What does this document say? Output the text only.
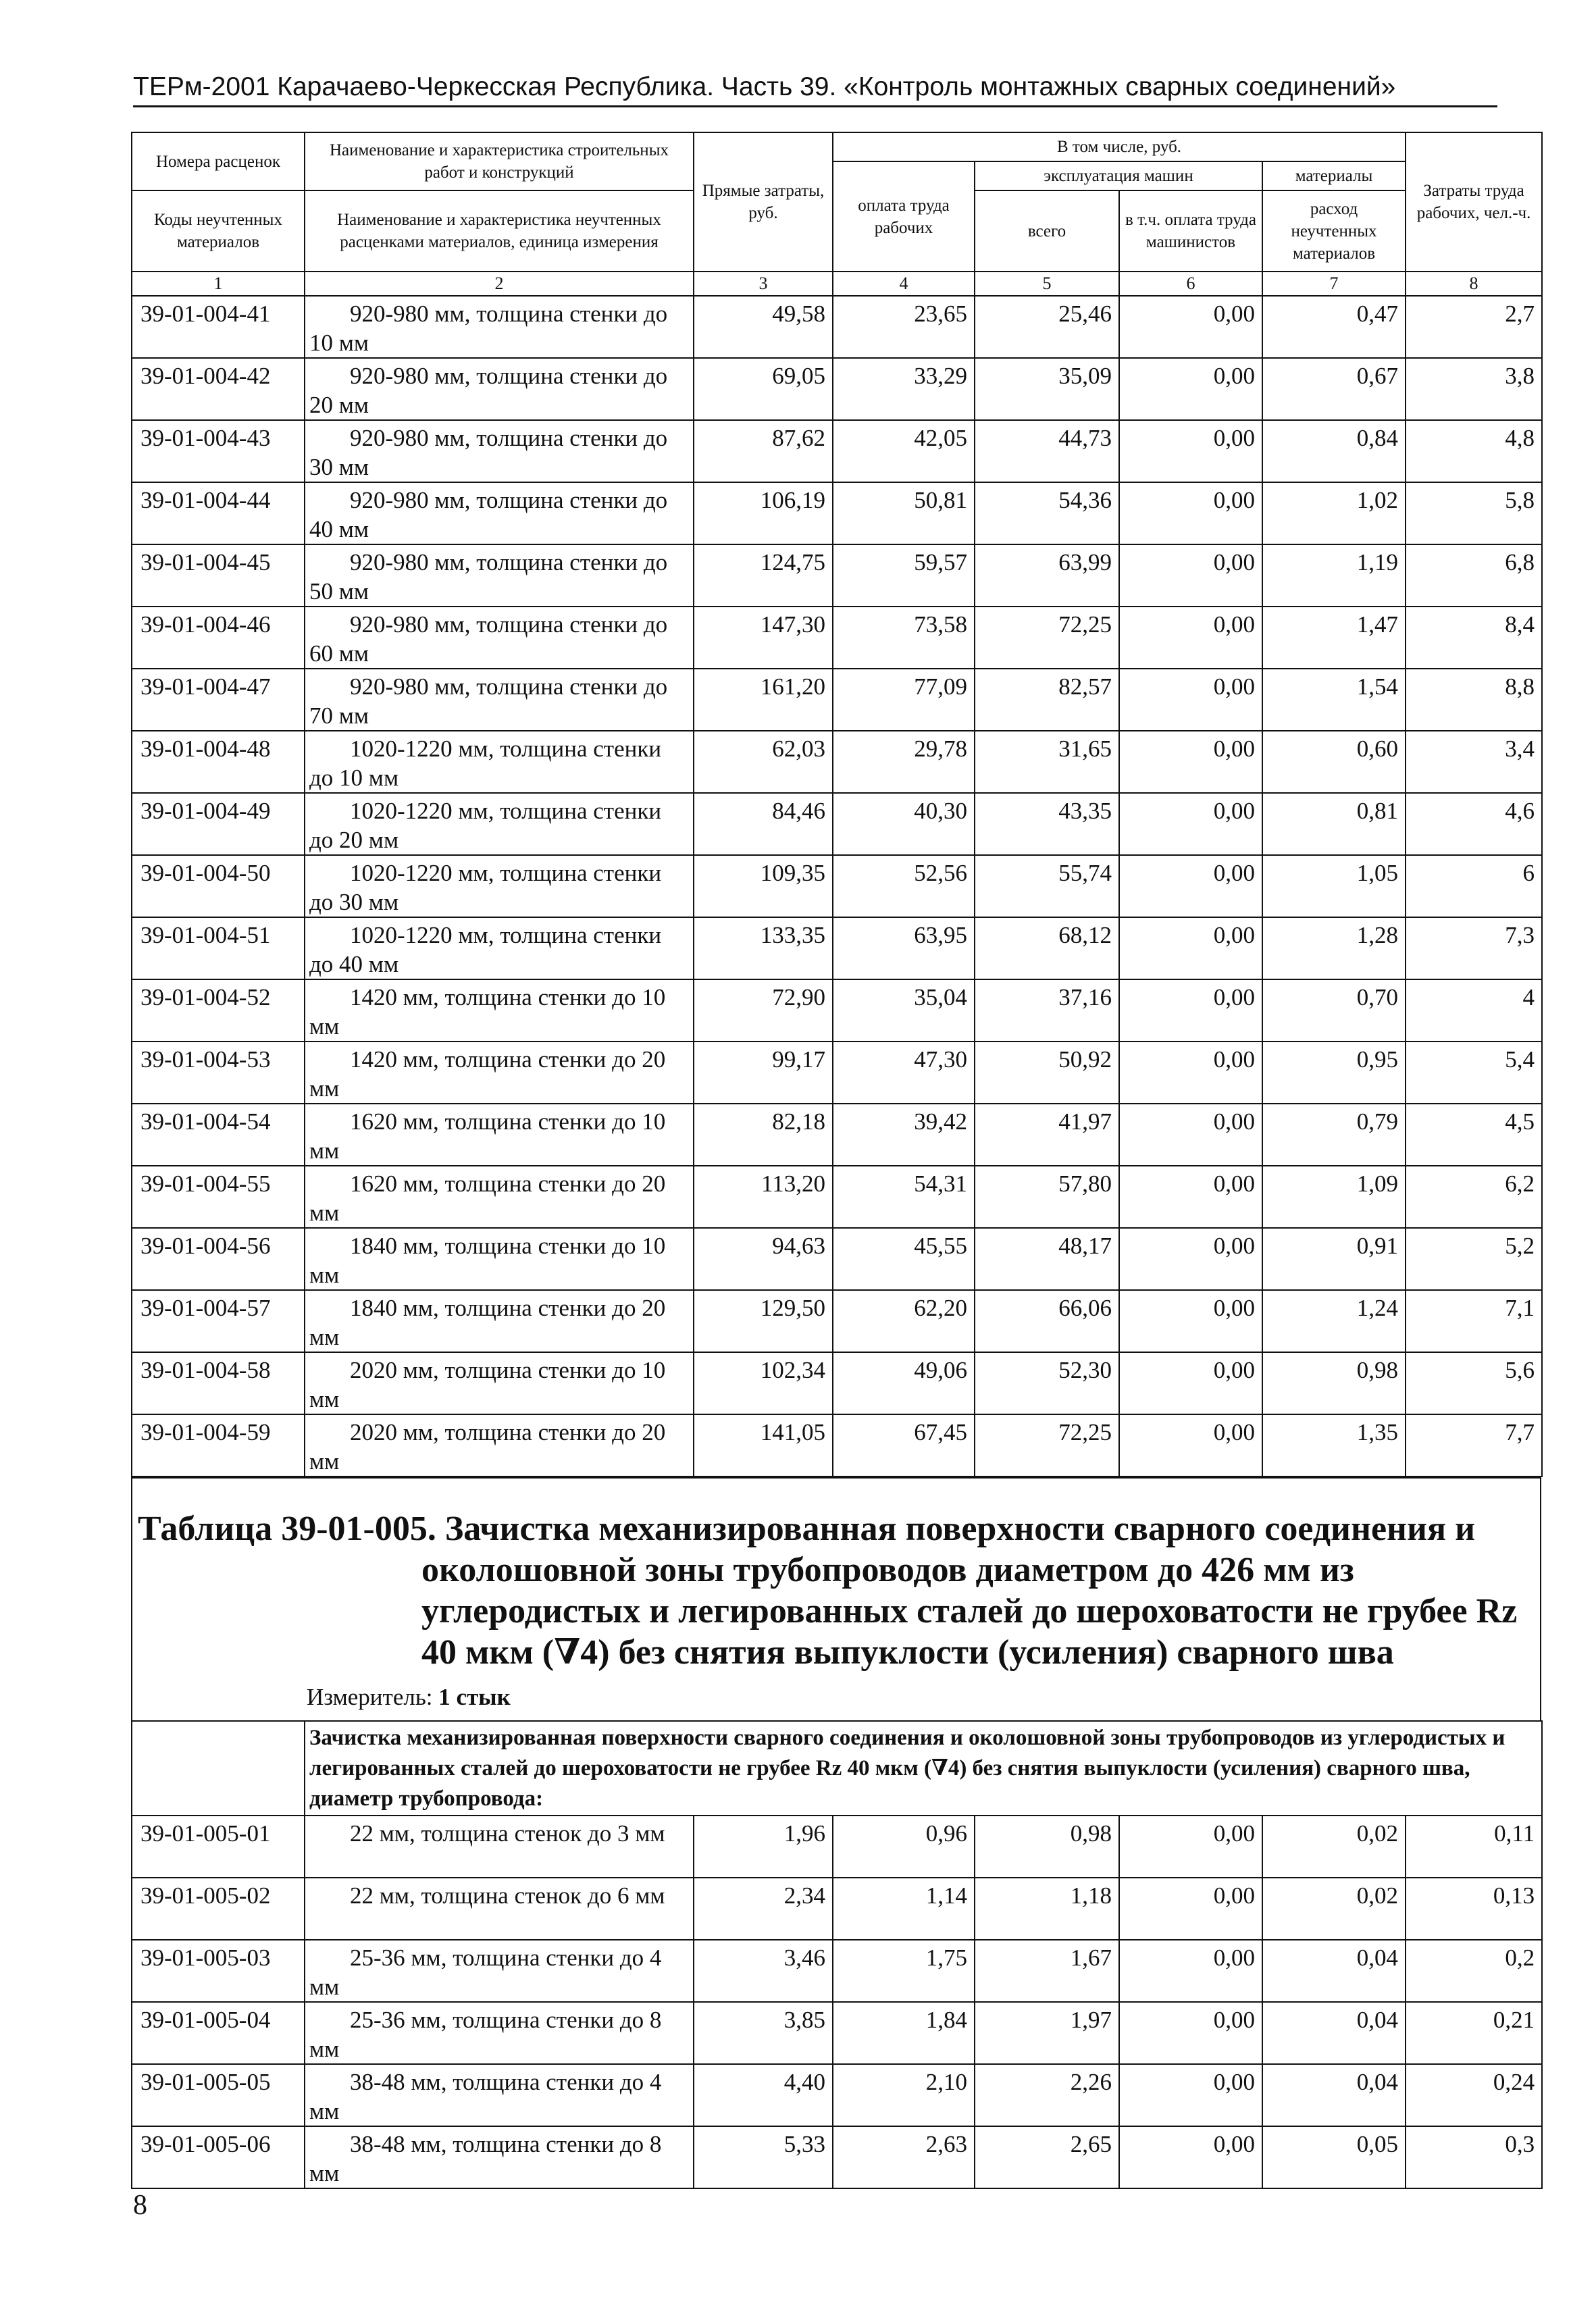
ТЕРм-2001 Карачаево-Черкесская Республика. Часть 39. «Контроль монтажных сварных соединений»
Номера расценок	Наименование и характеристика строительных работ и конструкций	Прямые затраты, руб.	В том числе, руб.				Затраты труда рабочих, чел.-ч.
			оплата труда рабочих	эксплуатация машин		материалы	
Коды неучтенных материалов	Наименование и характеристика неучтенных расценками материалов, единица измерения			всего	в т.ч. оплата труда машинистов	расход неучтенных материалов	

1	2	3	4	5	6	7	8
39-01-004-41	920-980 мм, толщина стенки до 10 мм	49,58	23,65	25,46	0,00	0,47	2,7
39-01-004-42	920-980 мм, толщина стенки до 20 мм	69,05	33,29	35,09	0,00	0,67	3,8
39-01-004-43	920-980 мм, толщина стенки до 30 мм	87,62	42,05	44,73	0,00	0,84	4,8
39-01-004-44	920-980 мм, толщина стенки до 40 мм	106,19	50,81	54,36	0,00	1,02	5,8
39-01-004-45	920-980 мм, толщина стенки до 50 мм	124,75	59,57	63,99	0,00	1,19	6,8
39-01-004-46	920-980 мм, толщина стенки до 60 мм	147,30	73,58	72,25	0,00	1,47	8,4
39-01-004-47	920-980 мм, толщина стенки до 70 мм	161,20	77,09	82,57	0,00	1,54	8,8
39-01-004-48	1020-1220 мм, толщина стенки до 10 мм	62,03	29,78	31,65	0,00	0,60	3,4
39-01-004-49	1020-1220 мм, толщина стенки до 20 мм	84,46	40,30	43,35	0,00	0,81	4,6
39-01-004-50	1020-1220 мм, толщина стенки до 30 мм	109,35	52,56	55,74	0,00	1,05	6
39-01-004-51	1020-1220 мм, толщина стенки до 40 мм	133,35	63,95	68,12	0,00	1,28	7,3
39-01-004-52	1420 мм, толщина стенки до 10 мм	72,90	35,04	37,16	0,00	0,70	4
39-01-004-53	1420 мм, толщина стенки до 20 мм	99,17	47,30	50,92	0,00	0,95	5,4
39-01-004-54	1620 мм, толщина стенки до 10 мм	82,18	39,42	41,97	0,00	0,79	4,5
39-01-004-55	1620 мм, толщина стенки до 20 мм	113,20	54,31	57,80	0,00	1,09	6,2
39-01-004-56	1840 мм, толщина стенки до 10 мм	94,63	45,55	48,17	0,00	0,91	5,2
39-01-004-57	1840 мм, толщина стенки до 20 мм	129,50	62,20	66,06	0,00	1,24	7,1
39-01-004-58	2020 мм, толщина стенки до 10 мм	102,34	49,06	52,30	0,00	0,98	5,6
39-01-004-59	2020 мм, толщина стенки до 20 мм	141,05	67,45	72,25	0,00	1,35	7,7

Таблица 39-01-005. Зачистка механизированная поверхности сварного соединения и околошовной зоны трубопроводов диаметром до 426 мм из углеродистых и легированных сталей до шероховатости не грубее Rz 40 мкм (∇4) без снятия выпуклости (усиления) сварного шва

Измеритель: 1 стык
	Зачистка механизированная поверхности сварного соединения и околошовной зоны трубопроводов из углеродистых и легированных сталей до шероховатости не грубее Rz 40 мкм (∇4) без снятия выпуклости (усиления) сварного шва, диаметр трубопровода:						
39-01-005-01	22 мм, толщина стенок до 3 мм	1,96	0,96	0,98	0,00	0,02	0,11
39-01-005-02	22 мм, толщина стенок до 6 мм	2,34	1,14	1,18	0,00	0,02	0,13
39-01-005-03	25-36 мм, толщина стенки до 4 мм	3,46	1,75	1,67	0,00	0,04	0,2
39-01-005-04	25-36 мм, толщина стенки до 8 мм	3,85	1,84	1,97	0,00	0,04	0,21
39-01-005-05	38-48 мм, толщина стенки до 4 мм	4,40	2,10	2,26	0,00	0,04	0,24
39-01-005-06	38-48 мм, толщина стенки до 8 мм	5,33	2,63	2,65	0,00	0,05	0,3
8
